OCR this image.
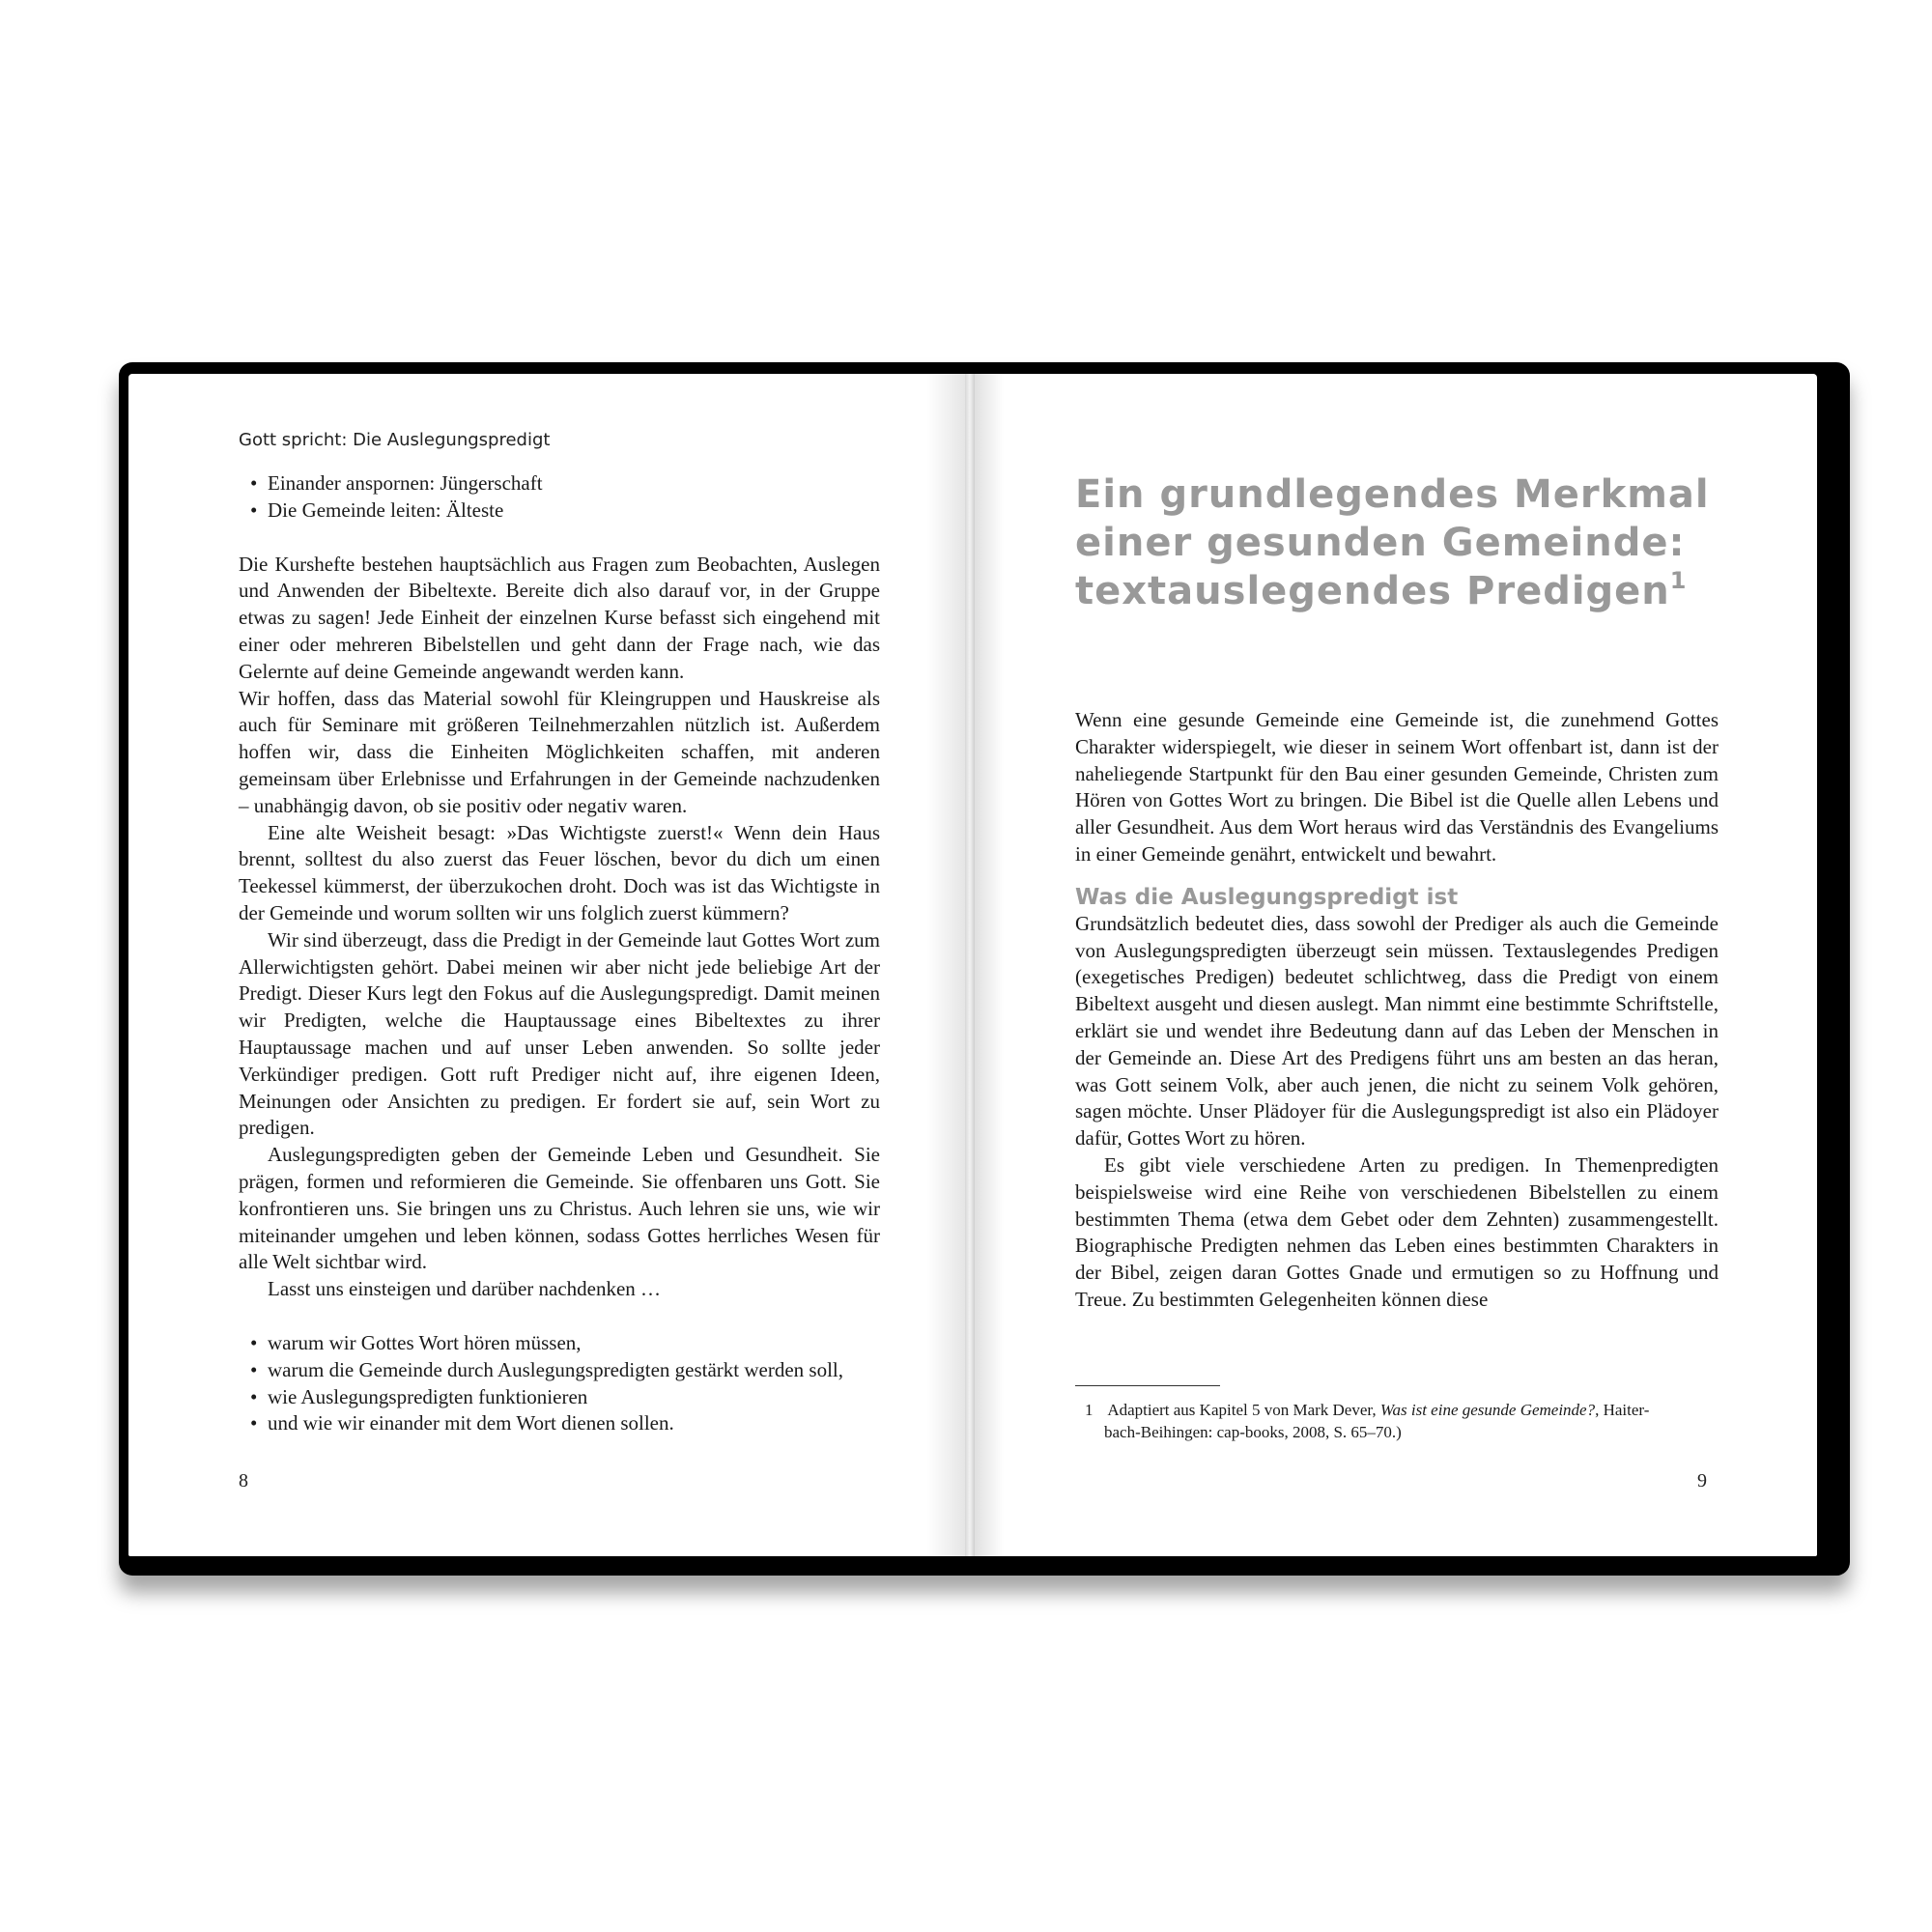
Gott spricht: Die Auslegungspredigt
• Einander anspornen: Jüngerschaft
• Die Gemeinde leiten: Älteste

Die Kurshefte bestehen hauptsächlich aus Fragen zum Beobachten, Auslegen und Anwenden der Bibeltexte. Bereite dich also darauf vor, in der Gruppe etwas zu sagen! Jede Einheit der einzelnen Kurse befasst sich eingehend mit einer oder mehreren Bibelstellen und geht dann der Frage nach, wie das Gelernte auf deine Gemeinde angewandt werden kann.

Wir hoffen, dass das Material sowohl für Kleingruppen und Hauskreise als auch für Seminare mit größeren Teilnehmerzahlen nützlich ist. Außerdem hoffen wir, dass die Einheiten Möglichkeiten schaffen, mit anderen gemeinsam über Erlebnisse und Erfahrungen in der Gemeinde nachzudenken – unabhängig davon, ob sie positiv oder negativ waren.

Eine alte Weisheit besagt: »Das Wichtigste zuerst!« Wenn dein Haus brennt, solltest du also zuerst das Feuer löschen, bevor du dich um einen Teekessel kümmerst, der überzukochen droht. Doch was ist das Wichtigste in der Gemeinde und worum sollten wir uns folglich zuerst kümmern?

Wir sind überzeugt, dass die Predigt in der Gemeinde laut Gottes Wort zum Allerwichtigsten gehört. Dabei meinen wir aber nicht jede beliebige Art der Predigt. Dieser Kurs legt den Fokus auf die Auslegungspredigt. Damit meinen wir Predigten, welche die Hauptaussage eines Bibeltextes zu ihrer Hauptaussage machen und auf unser Leben anwenden. So sollte jeder Verkündiger predigen. Gott ruft Prediger nicht auf, ihre eigenen Ideen, Meinungen oder Ansichten zu predigen. Er fordert sie auf, sein Wort zu predigen.

Auslegungspredigten geben der Gemeinde Leben und Gesundheit. Sie prägen, formen und reformieren die Gemeinde. Sie offenbaren uns Gott. Sie konfrontieren uns. Sie bringen uns zu Christus. Auch lehren sie uns, wie wir miteinander umgehen und leben können, sodass Gottes herrliches Wesen für alle Welt sichtbar wird.

Lasst uns einsteigen und darüber nachdenken …

• warum wir Gottes Wort hören müssen,
• warum die Gemeinde durch Auslegungspredigten gestärkt werden soll,
• wie Auslegungspredigten funktionieren
• und wie wir einander mit dem Wort dienen sollen.
8
Ein grundlegendes Merkmal
einer gesunden Gemeinde:
textauslegendes Predigen$^1$

Wenn eine gesunde Gemeinde eine Gemeinde ist, die zunehmend Gottes Charakter widerspiegelt, wie dieser in seinem Wort offenbart ist, dann ist der naheliegende Startpunkt für den Bau einer gesunden Gemeinde, Christen zum Hören von Gottes Wort zu bringen. Die Bibel ist die Quelle allen Lebens und aller Gesundheit. Aus dem Wort heraus wird das Verständnis des Evangeliums in einer Gemeinde genährt, entwickelt und bewahrt.

Was die Auslegungspredigt ist

Grundsätzlich bedeutet dies, dass sowohl der Prediger als auch die Gemeinde von Auslegungspredigten überzeugt sein müssen. Textauslegendes Predigen (exegetisches Predigen) bedeutet schlichtweg, dass die Predigt von einem Bibeltext ausgeht und diesen auslegt. Man nimmt eine bestimmte Schriftstelle, erklärt sie und wendet ihre Bedeutung dann auf das Leben der Menschen in der Gemeinde an. Diese Art des Predigens führt uns am besten an das heran, was Gott seinem Volk, aber auch jenen, die nicht zu seinem Volk gehören, sagen möchte. Unser Plädoyer für die Auslegungspredigt ist also ein Plädoyer dafür, Gottes Wort zu hören.

Es gibt viele verschiedene Arten zu predigen. In Themenpredigten beispielsweise wird eine Reihe von verschiedenen Bibelstellen zu einem bestimmten Thema (etwa dem Gebet oder dem Zehnten) zusammengestellt. Biographische Predigten nehmen das Leben eines bestimmten Charakters in der Bibel, zeigen daran Gottes Gnade und ermutigen so zu Hoffnung und Treue. Zu bestimmten Gelegenheiten können diese

1 Adaptiert aus Kapitel 5 von Mark Dever, Was ist eine gesunde Gemeinde?, Haiter-
bach-Beihingen: cap-books, 2008, S. 65–70.)
9
